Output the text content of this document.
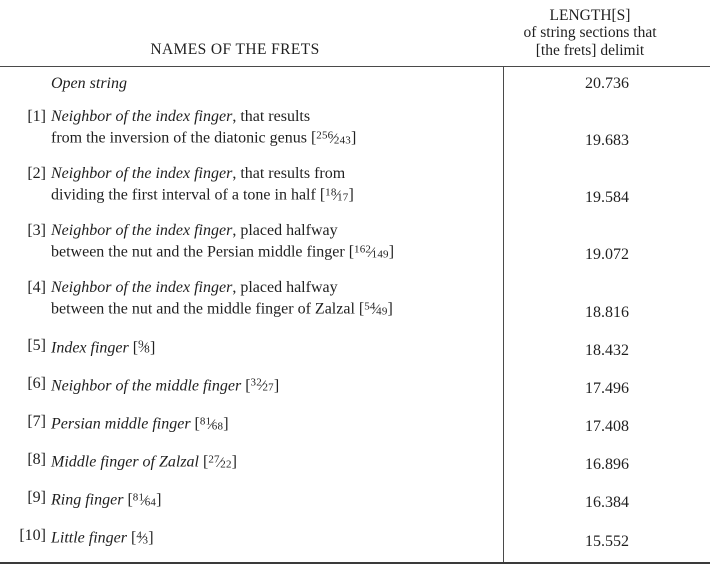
NAMES OF THE FRETS
LENGTH[S]
of string sections that
[the frets] delimit
Open string	20.736
[1] Neighbor of the index finger, that results
from the inversion of the diatonic genus [$^{256}$⁄243]	19.683
[2] Neighbor of the index finger, that results from
dividing the first interval of a tone in half [$^{18}$⁄17]	19.584
[3] Neighbor of the index finger, placed halfway
between the nut and the Persian middle finger [$^{162}$⁄149]	19.072
[4] Neighbor of the index finger, placed halfway
between the nut and the middle finger of Zalzal [$^{54}$⁄49]	18.816
[5] Index finger [$^9$⁄8]	18.432
[6] Neighbor of the middle finger [$^{32}$⁄27]	17.496
[7] Persian middle finger [$^{81}$⁄68]	17.408
[8] Middle finger of Zalzal [$^{27}$⁄22]	16.896
[9] Ring finger [$^{81}$⁄64]	16.384
[10] Little finger [$^4$⁄3]	15.552
